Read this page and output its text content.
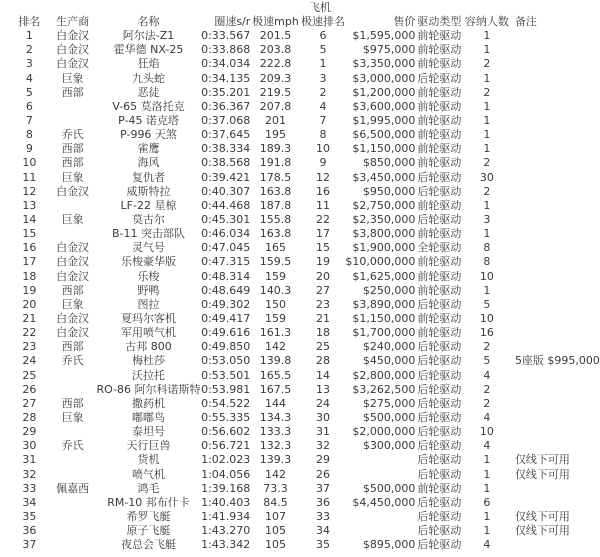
飞机
排名	生产商	名称	圈速s/r	极速mph	极速排名	售价	驱动类型	容纳人数	备注
1	白金汉	阿尔法-Z1	0:33.567	201.5	6	$1,595,000	前轮驱动	1	
2	白金汉	霍华德 NX-25	0:33.868	203.8	5	$975,000	前轮驱动	1	
3	白金汉	狂焰	0:34.034	222.8	1	$3,350,000	前轮驱动	2	
4	巨象	九头蛇	0:34.135	209.3	3	$3,000,000	后轮驱动	1	
5	西部	恶徒	0:35.201	219.5	2	$1,200,000	前轮驱动	2	
6		V-65 莫洛托克	0:36.367	207.8	4	$3,600,000	前轮驱动	1	
7		P-45 诺克塔	0:37.068	201	7	$1,995,000	前轮驱动	1	
8	乔氏	P-996 天煞	0:37.645	195	8	$6,500,000	前轮驱动	1	
9	西部	雀鹰	0:38.334	189.3	10	$1,150,000	前轮驱动	1	
10	西部	海风	0:38.568	191.8	9	$850,000	前轮驱动	2	
11	巨象	复仇者	0:39.421	178.5	12	$3,450,000	后轮驱动	30	
12	白金汉	威斯特拉	0:40.307	163.8	16	$950,000	后轮驱动	2	
13		LF-22 星椋	0:44.468	187.8	11	$2,750,000	前轮驱动	1	
14	巨象	莫古尔	0:45.301	155.8	22	$2,350,000	后轮驱动	3	
15		B-11 突击部队	0:46.034	163.8	17	$3,800,000	前轮驱动	1	
16	白金汉	灵气号	0:47.045	165	15	$1,900,000	全轮驱动	8	
17	白金汉	乐梭豪华版	0:47.315	159.5	19	$10,000,000	前轮驱动	8	
18	白金汉	乐梭	0:48.314	159	20	$1,625,000	前轮驱动	10	
19	西部	野鸭	0:48.649	140.3	27	$250,000	前轮驱动	1	
20	巨象	图拉	0:49.302	150	23	$3,890,000	后轮驱动	5	
21	白金汉	夏玛尔客机	0:49.417	159	21	$1,150,000	前轮驱动	10	
22	白金汉	军用喷气机	0:49.616	161.3	18	$1,700,000	前轮驱动	16	
23	西部	古邦 800	0:49.850	142	25	$240,000	后轮驱动	2	
24	乔氏	梅杜莎	0:53.050	139.8	28	$450,000	后轮驱动	5	5座版 $995,000
25		沃拉托	0:53.501	165.5	14	$2,800,000	后轮驱动	4	
26		RO-86 阿尔科诺斯特	0:53.981	167.5	13	$3,262,500	后轮驱动	2	
27	西部	撒药机	0:54.522	144	24	$275,000	后轮驱动	2	
28	巨象	嘟嘟鸟	0:55.335	134.3	30	$500,000	后轮驱动	4	
29		泰坦号	0:56.602	133.3	31	$2,000,000	后轮驱动	10	
30	乔氏	天行巨兽	0:56.721	132.3	32	$300,000	后轮驱动	4	
31		货机	1:02.023	139.3	29		后轮驱动	1	仅线下可用
32		喷气机	1:04.056	142	26		后轮驱动	1	仅线下可用
33	佩嘉西	鸿毛	1:39.168	73.3	37	$500,000	前轮驱动	1	
34		RM-10 邦布什卡	1:40.403	84.5	36	$4,450,000	后轮驱动	6	
35		希罗飞艇	1:41.934	107	33		后轮驱动	1	仅线下可用
36		原子飞艇	1:43.270	105	34		后轮驱动	1	仅线下可用
37		夜总会飞艇	1:43.342	105	35	$895,000	后轮驱动	4	
